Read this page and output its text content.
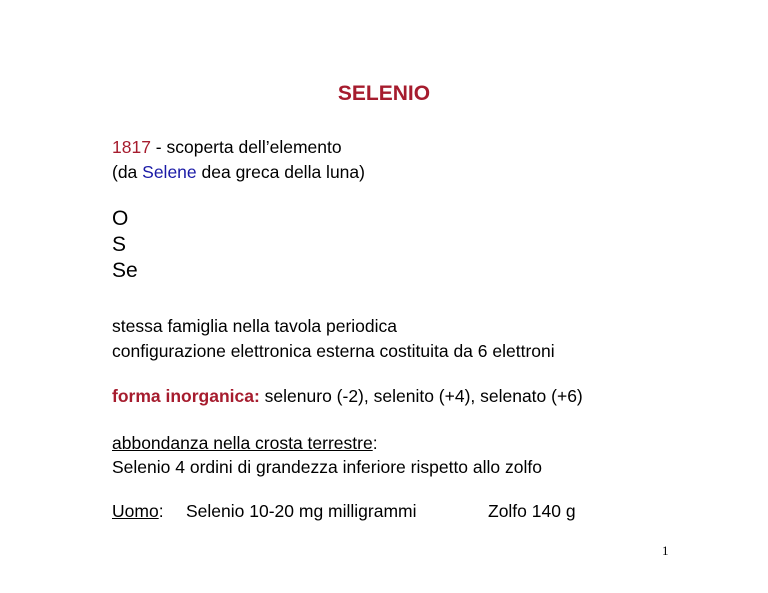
SELENIO
1817 - scoperta dell’elemento
(da Selene dea greca della luna)
O
S
Se
stessa famiglia nella tavola periodica
configurazione elettronica esterna costituita da 6 elettroni
forma inorganica: selenuro (-2), selenito (+4), selenato (+6)
abbondanza nella crosta terrestre:
Selenio 4 ordini di grandezza inferiore rispetto allo zolfo
Uomo: Selenio 10-20 mg milligrammi	Zolfo 140 g
1
